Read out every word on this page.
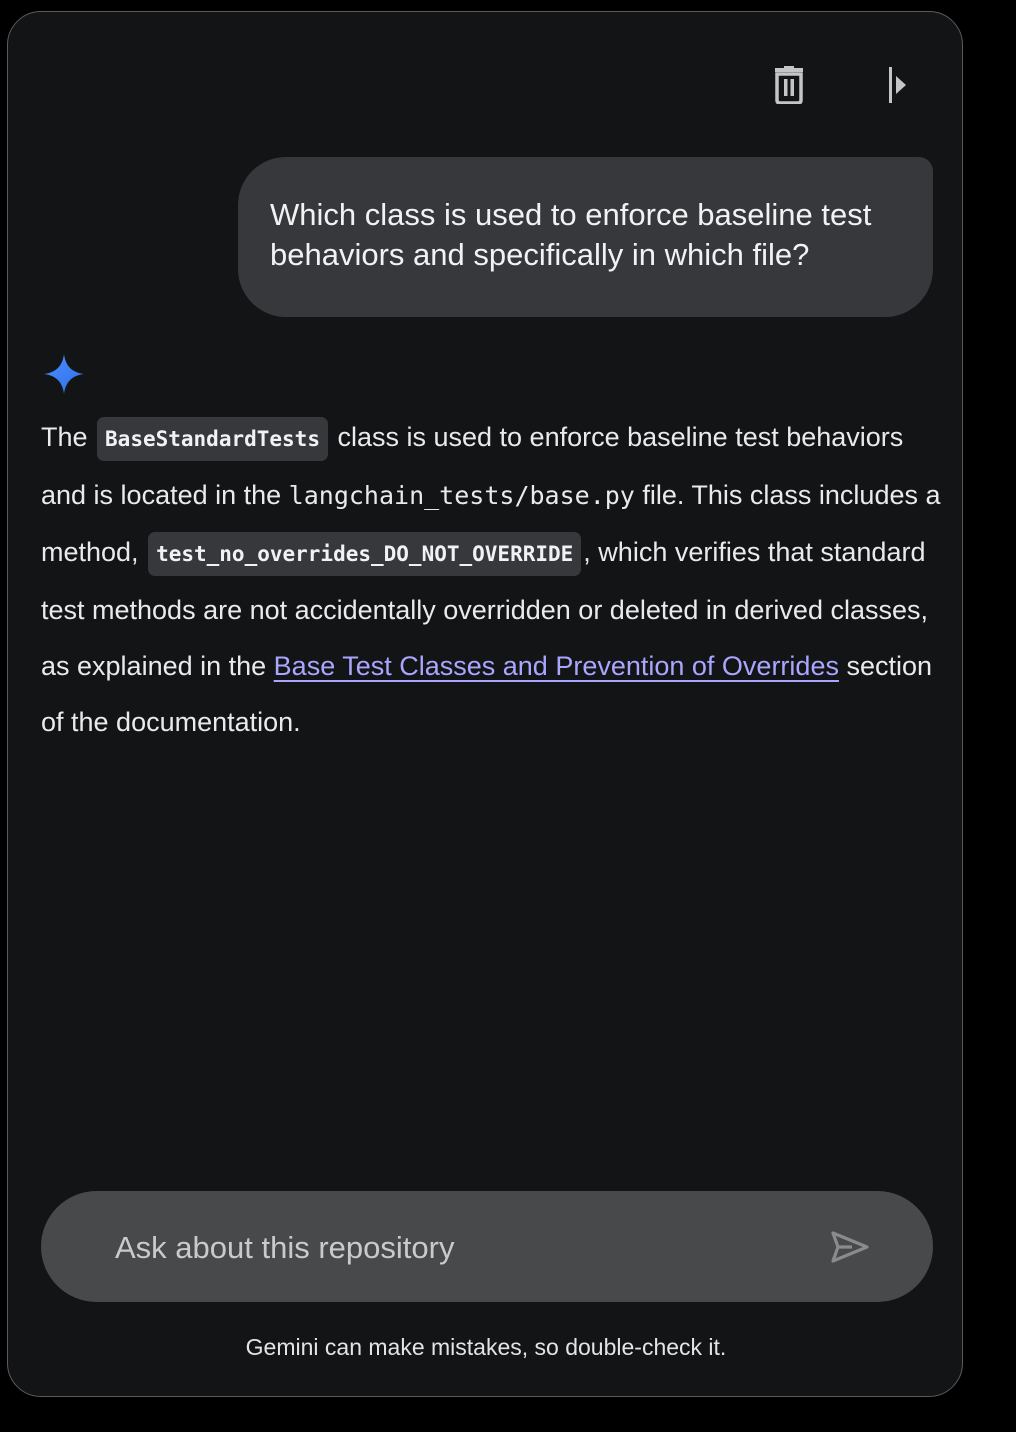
Which class is used to enforce baseline test behaviors and specifically in which file?
The BaseStandardTests class is used to enforce baseline test behaviors and is located in the langchain_tests/base.py file. This class includes a method, test_no_overrides_DO_NOT_OVERRIDE , which verifies that standard test methods are not accidentally overridden or deleted in derived classes, as explained in the Base Test Classes and Prevention of Overrides section of the documentation.
Ask about this repository
Gemini can make mistakes, so double-check it.
